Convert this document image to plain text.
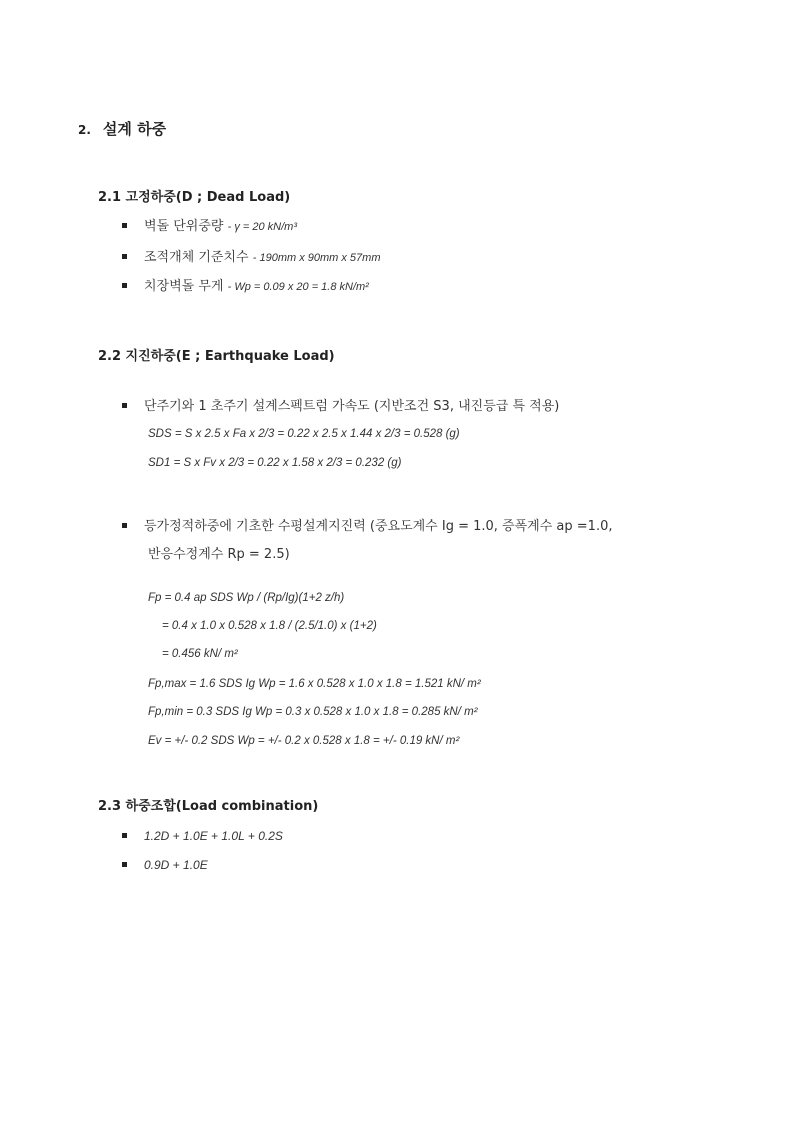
2. 설계 하중
2.1 고정하중(D ; Dead Load)
벽돌 단위중량 - γ = 20 kN/m³
조적개체 기준치수 - 190mm x 90mm x 57mm
치장벽돌 무게 - Wp = 0.09 x 20 = 1.8 kN/m²
2.2 지진하중(E ; Earthquake Load)
단주기와 1 초주기 설계스펙트럼 가속도 (지반조건 S3, 내진등급 특 적용)
SDS = S x 2.5 x Fa x 2/3 = 0.22 x 2.5 x 1.44 x 2/3 = 0.528 (g)
SD1 = S x Fv x 2/3 = 0.22 x 1.58 x 2/3 = 0.232 (g)
등가정적하중에 기초한 수평설계지진력 (중요도계수 Ig = 1.0, 증폭계수 ap =1.0,
반응수정계수 Rp = 2.5)
Fp = 0.4 ap SDS Wp / (Rp/Ig)(1+2 z/h)
= 0.4 x 1.0 x 0.528 x 1.8 / (2.5/1.0) x (1+2)
= 0.456 kN/ m²
Fp,max = 1.6 SDS Ig Wp = 1.6 x 0.528 x 1.0 x 1.8 = 1.521 kN/ m²
Fp,min = 0.3 SDS Ig Wp = 0.3 x 0.528 x 1.0 x 1.8 = 0.285 kN/ m²
Ev = +/- 0.2 SDS Wp = +/- 0.2 x 0.528 x 1.8 = +/- 0.19 kN/ m²
2.3 하중조합(Load combination)
1.2D + 1.0E + 1.0L + 0.2S
0.9D + 1.0E
